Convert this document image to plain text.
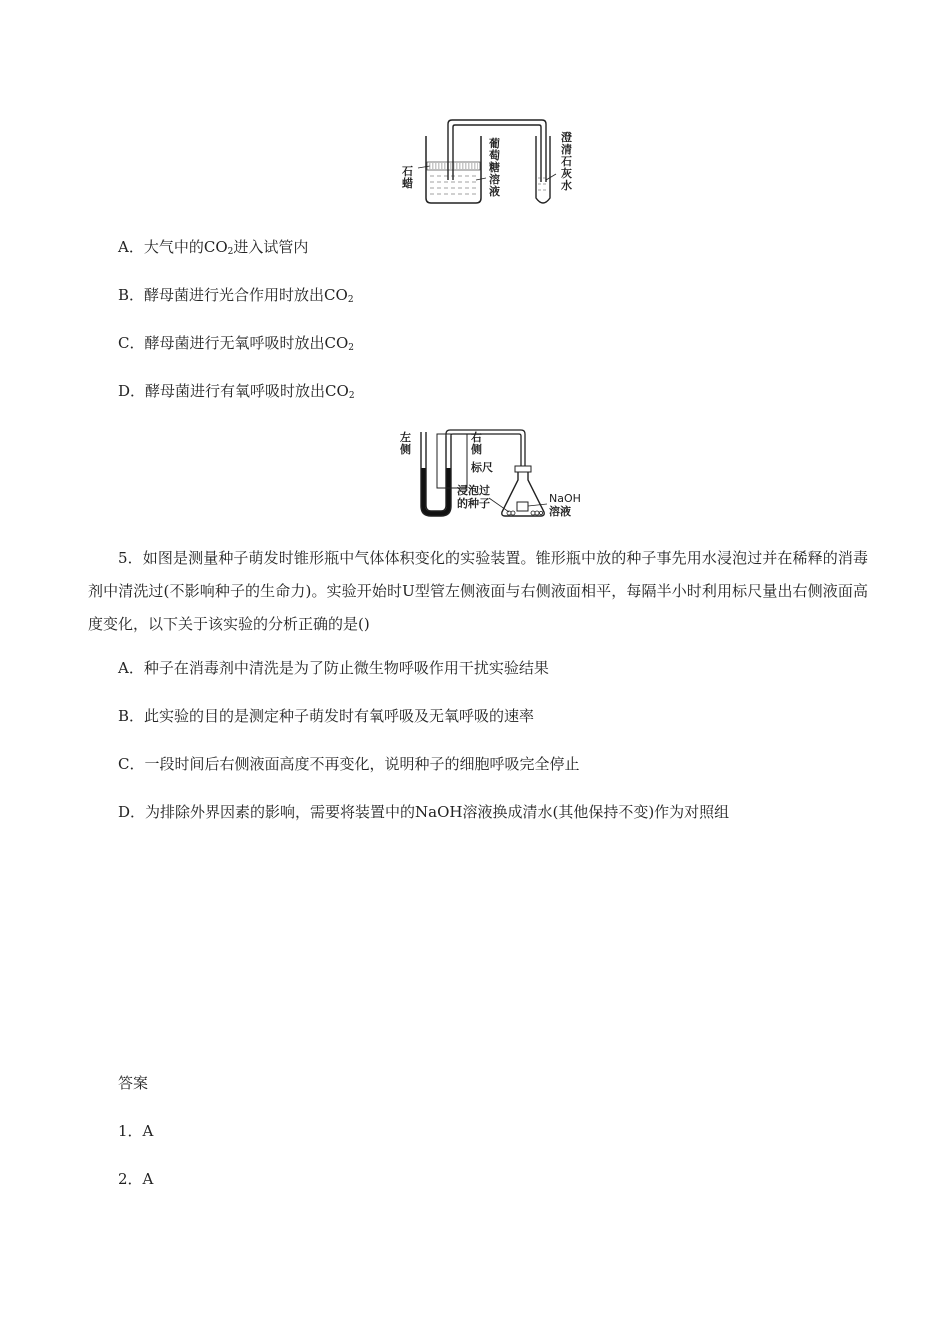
石蜡
葡萄糖溶液
澄清石灰水
A．大气中的$CO_2$进入试管内
B．酵母菌进行光合作用时放出$CO_2$
C．酵母菌进行无氧呼吸时放出$CO_2$
D．酵母菌进行有氧呼吸时放出$CO_2$
左侧
右侧
标尺
浸泡过
的种子	NaOH
溶液
5．如图是测量种子萌发时锥形瓶中气体体积变化的实验装置。锥形瓶中放的种子事先用水浸泡过并在稀释的消毒剂中清洗过(不影响种子的生命力)。实验开始时U型管左侧液面与右侧液面相平，每隔半小时利用标尺量出右侧液面高度变化，以下关于该实验的分析正确的是()
A．种子在消毒剂中清洗是为了防止微生物呼吸作用干扰实验结果
B．此实验的目的是测定种子萌发时有氧呼吸及无氧呼吸的速率
C．一段时间后右侧液面高度不再变化，说明种子的细胞呼吸完全停止
D．为排除外界因素的影响，需要将装置中的NaOH溶液换成清水(其他保持不变)作为对照组
答案
1．A
2．A
